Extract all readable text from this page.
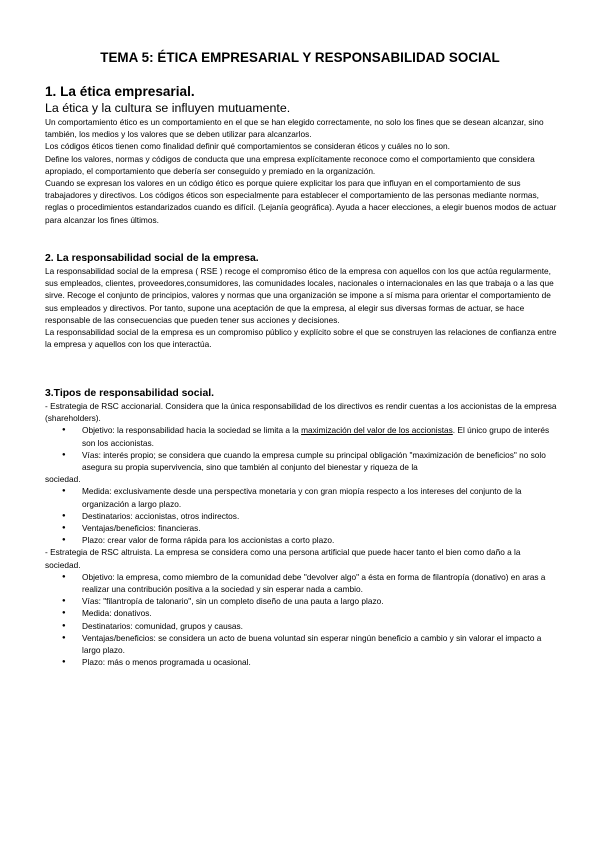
TEMA 5: ÉTICA EMPRESARIAL Y RESPONSABILIDAD SOCIAL
1. La ética empresarial.

La ética y la cultura se influyen mutuamente.

Un comportamiento ético es un comportamiento en el que se han elegido correctamente, no solo los fines que se desean alcanzar, sino también, los medios y los valores que se deben utilizar para alcanzarlos.

Los códigos éticos tienen como finalidad definir qué comportamientos se consideran éticos y cuáles no lo son.

Define los valores, normas y códigos de conducta que una empresa explícitamente reconoce como el comportamiento que considera apropiado, el comportamiento que debería ser conseguido y premiado en la organización.

Cuando se expresan los valores en un código ético es porque quiere explicitar los para que influyan en el comportamiento de sus trabajadores y directivos. Los códigos éticos son especialmente para establecer el comportamiento de las personas mediante normas, reglas o procedimientos estandarizados cuando es difícil. (Lejanía geográfica). Ayuda a hacer elecciones, a elegir buenos modos de actuar para alcanzar los fines últimos.

2. La responsabilidad social de la empresa.

La responsabilidad social de la empresa ( RSE ) recoge el compromiso ético de la empresa con aquellos con los que actúa regularmente, sus empleados, clientes, proveedores,consumidores, las comunidades locales, nacionales o internacionales en las que trabaja o a las que sirve. Recoge el conjunto de principios, valores y normas que una organización se impone a sí misma para orientar el comportamiento de sus empleados y directivos. Por tanto, supone una aceptación de que la empresa, al elegir sus diversas formas de actuar, se hace responsable de las consecuencias que pueden tener sus acciones y decisiones.

La responsabilidad social de la empresa es un compromiso público y explícito sobre el que se construyen las relaciones de confianza entre la empresa y aquellos con los que interactúa.

3.Tipos de responsabilidad social.

- Estrategia de RSC accionarial. Considera que la única responsabilidad de los directivos es rendir cuentas a los accionistas de la empresa (shareholders).

● Objetivo: la responsabilidad hacia la sociedad se limita a la maximización del valor de los accionistas. El único grupo de interés son los accionistas.
● Vías: interés propio; se considera que cuando la empresa cumple su principal obligación "maximización de beneficios" no solo asegura su propia supervivencia, sino que también al conjunto del bienestar y riqueza de la
sociedad.
● Medida: exclusivamente desde una perspectiva monetaria y con gran miopía respecto a los intereses del conjunto de la organización a largo plazo.
● Destinatarios: accionistas, otros indirectos.
● Ventajas/beneficios: financieras.
● Plazo: crear valor de forma rápida para los accionistas a corto plazo.

- Estrategia de RSC altruista. La empresa se considera como una persona artificial que puede hacer tanto el bien como daño a la sociedad.

● Objetivo: la empresa, como miembro de la comunidad debe "devolver algo" a ésta en forma de filantropía (donativo) en aras a realizar una contribución positiva a la sociedad y sin esperar nada a cambio.
● Vías: "filantropía de talonario", sin un completo diseño de una pauta a largo plazo.
● Medida: donativos.
● Destinatarios: comunidad, grupos y causas.
● Ventajas/beneficios: se considera un acto de buena voluntad sin esperar ningún beneficio a cambio y sin valorar el impacto a largo plazo.
● Plazo: más o menos programada u ocasional.
